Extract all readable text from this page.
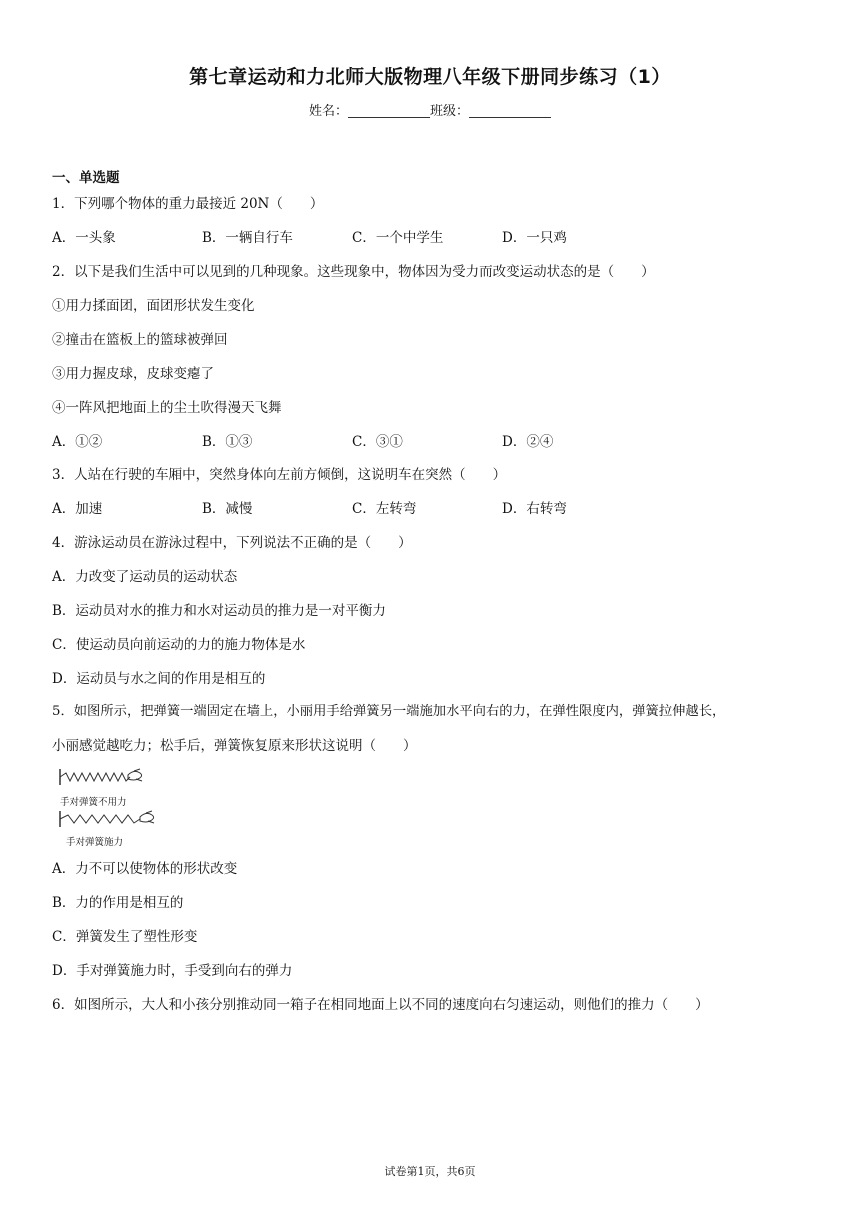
第七章运动和力北师大版物理八年级下册同步练习（1）
姓名：	班级：
一、单选题
1．下列哪个物体的重力最接近 20N（　　）
A．一头象	B．一辆自行车	C．一个中学生	D．一只鸡
2．以下是我们生活中可以见到的几种现象。这些现象中，物体因为受力而改变运动状态的是（　　）
①用力揉面团，面团形状发生变化
②撞击在篮板上的篮球被弹回
③用力握皮球，皮球变瘪了
④一阵风把地面上的尘土吹得漫天飞舞
A．①②	B．①③	C．③①	D．②④
3．人站在行驶的车厢中，突然身体向左前方倾倒，这说明车在突然（　　）
A．加速	B．减慢	C．左转弯	D．右转弯
4．游泳运动员在游泳过程中，下列说法不正确的是（　　）
A．力改变了运动员的运动状态
B．运动员对水的推力和水对运动员的推力是一对平衡力
C．使运动员向前运动的力的施力物体是水
D．运动员与水之间的作用是相互的
5．如图所示，把弹簧一端固定在墙上，小丽用手给弹簧另一端施加水平向右的力，在弹性限度内，弹簧拉伸越长，
小丽感觉越吃力；松手后，弹簧恢复原来形状这说明（　　）
手对弹簧不用力
手对弹簧施力
A．力不可以使物体的形状改变
B．力的作用是相互的
C．弹簧发生了塑性形变
D．手对弹簧施力时，手受到向右的弹力
6．如图所示，大人和小孩分别推动同一箱子在相同地面上以不同的速度向右匀速运动，则他们的推力（　　）
试卷第1页，共6页
